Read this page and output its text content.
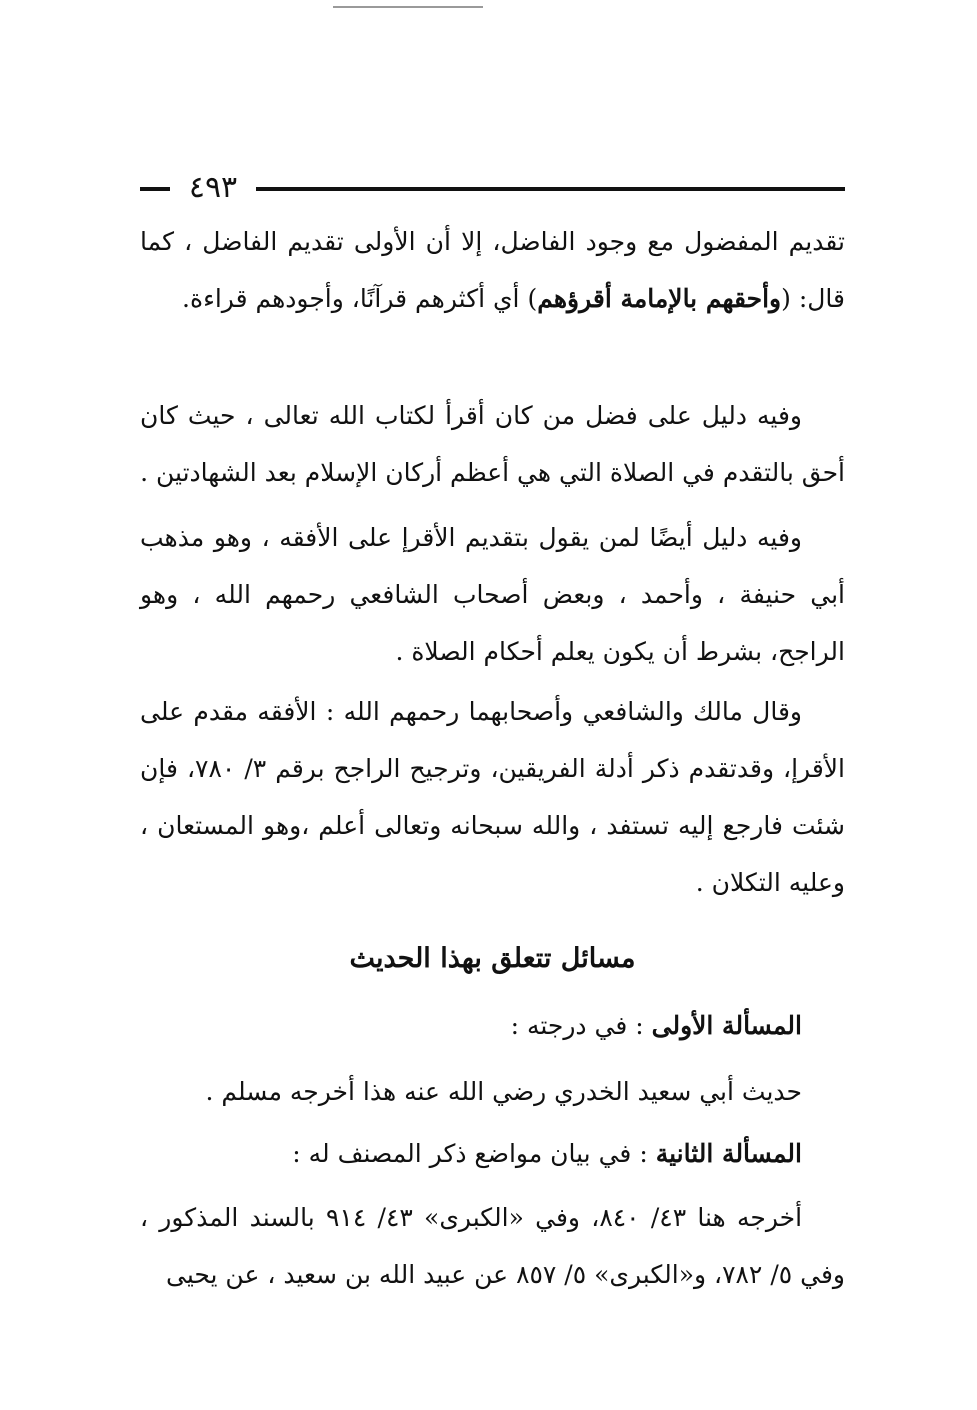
٤٩٣
تقديم المفضول مع وجود الفاضل، إلا أن الأولى تقديم الفاضل ، كما قال: (وأحقهم بالإمامة أقرؤهم) أي أكثرهم قرآنًا، وأجودهم قراءة.
وفيه دليل على فضل من كان أقرأ لكتاب الله تعالى ، حيث كان أحق بالتقدم في الصلاة التي هي أعظم أركان الإسلام بعد الشهادتين .
وفيه دليل أيضًا لمن يقول بتقديم الأقرإ على الأفقه ، وهو مذهب أبي حنيفة ، وأحمد ، وبعض أصحاب الشافعي رحمهم الله ، وهو الراجح، بشرط أن يكون يعلم أحكام الصلاة .
وقال مالك والشافعي وأصحابهما رحمهم الله : الأفقه مقدم على الأقرإ، وقدتقدم ذكر أدلة الفريقين، وترجيح الراجح برقم ٣/ ٧٨٠، فإن شئت فارجع إليه تستفد ، والله سبحانه وتعالى أعلم ،وهو المستعان ، وعليه التكلان .
مسائل تتعلق بهذا الحديث
المسألة الأولى : في درجته :
حديث أبي سعيد الخدري رضي الله عنه هذا أخرجه مسلم .
المسألة الثانية : في بيان مواضع ذكر المصنف له :
أخرجه هنا ٤٣/ ٨٤٠، وفي «الكبرى» ٤٣/ ٩١٤ بالسند المذكور ، وفي ٥/ ٧٨٢، و«الكبرى» ٥/ ٨٥٧ عن عبيد الله بن سعيد ، عن يحيى
